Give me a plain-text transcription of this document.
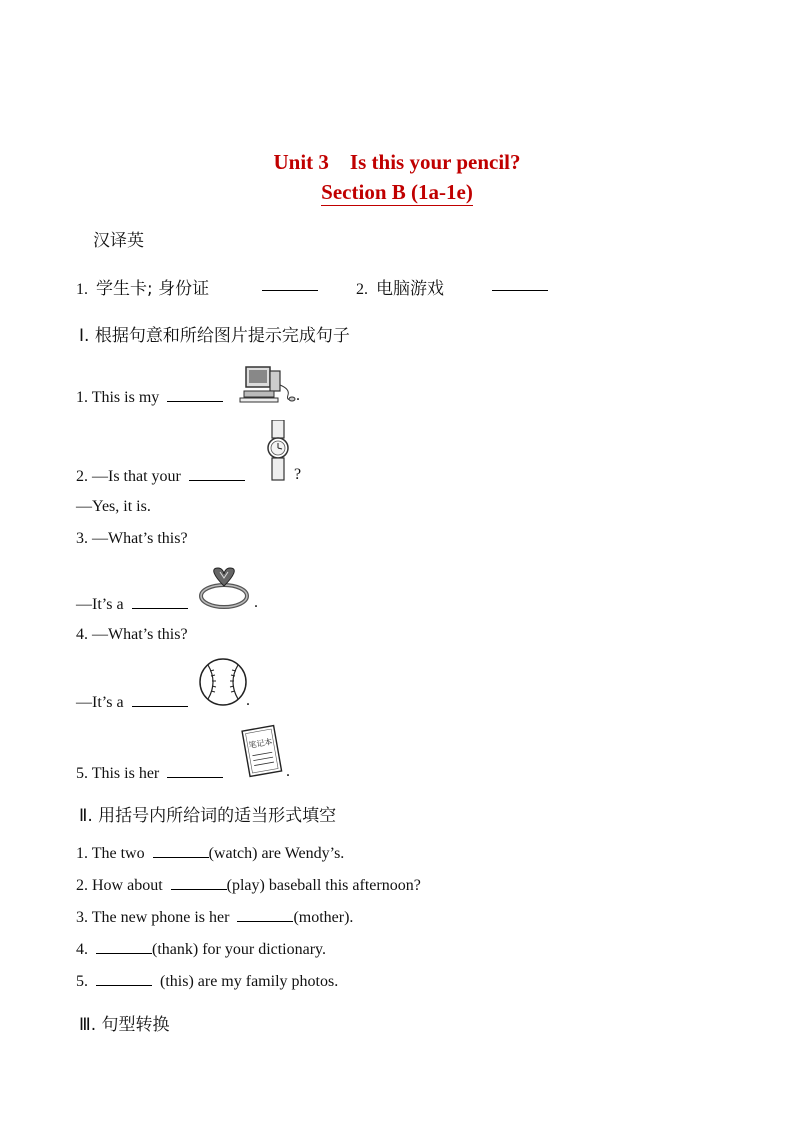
Unit 3　Is this your pencil?
Section B (1a-1e)
汉译英
1. 学生卡; 身份证	2. 电脑游戏
Ⅰ. 根据句意和所给图片提示完成句子
1. This is my	.
2. —Is that your	?
—Yes, it is.
3. —What’s this?
—It’s a	.
4. —What’s this?
—It’s a	.
5. This is her
笔记本
.
Ⅱ. 用括号内所给词的适当形式填空
1. The two	(watch) are Wendy’s.
2. How about	(play) baseball this afternoon?
3. The new phone is her	(mother).
4.	(thank) for your dictionary.
5.	(this) are my family photos.
Ⅲ. 句型转换
